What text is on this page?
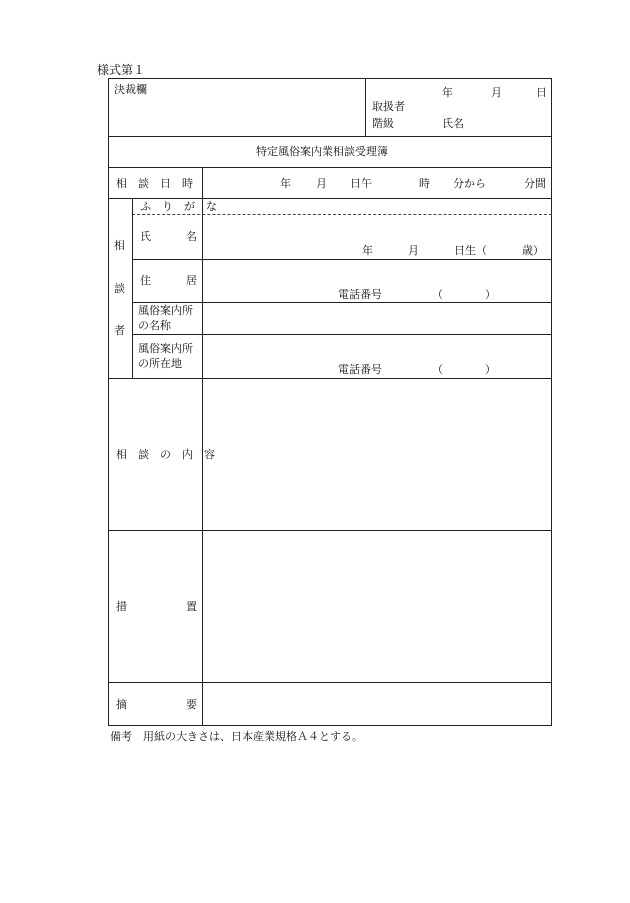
様式第１
決裁欄	年	月	日
取扱者
階級	氏名
特定風俗案内業相談受理簿
相　談　日　時	年 月 日午	時 分から	分間
相
談
者
ふ　り　が　な
氏	名
年	月	日生（	歳）
住	居
電話番号	（	）
風俗案内所
の名称
風俗案内所
の所在地	電話番号	（	）
相　談　の　内　容
措	置
摘	要
備考　用紙の大きさは、日本産業規格Ａ４とする。
